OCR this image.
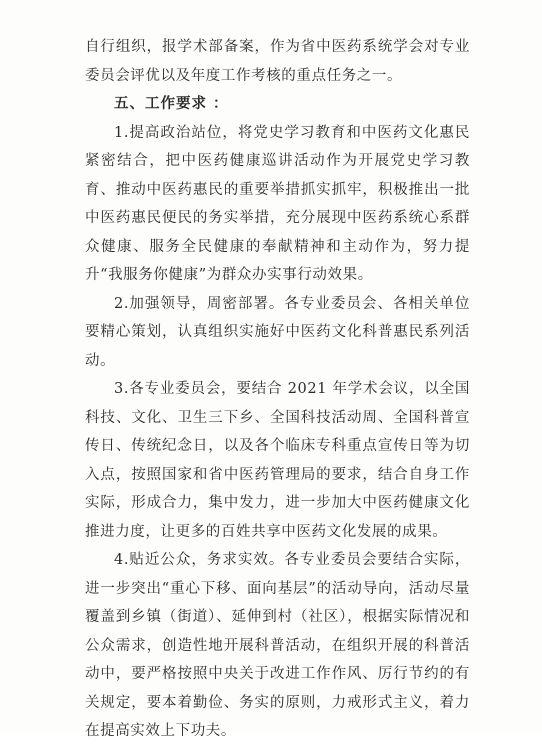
自行组织，报学术部备案，作为省中医药系统学会对专业委员会评优以及年度工作考核的重点任务之一。

五、工作要求 ：

1.提高政治站位，将党史学习教育和中医药文化惠民紧密结合，把中医药健康巡讲活动作为开展党史学习教育、推动中医药惠民的重要举措抓实抓牢，积极推出一批中医药惠民便民的务实举措，充分展现中医药系统心系群众健康、服务全民健康的奉献精神和主动作为，努力提升“我服务你健康”为群众办实事行动效果。

2.加强领导，周密部署。各专业委员会、各相关单位要精心策划，认真组织实施好中医药文化科普惠民系列活动。

3.各专业委员会，要结合 2021 年学术会议，以全国科技、文化、卫生三下乡、全国科技活动周、全国科普宣传日、传统纪念日，以及各个临床专科重点宣传日等为切入点，按照国家和省中医药管理局的要求，结合自身工作实际，形成合力，集中发力，进一步加大中医药健康文化推进力度，让更多的百姓共享中医药文化发展的成果。

4.贴近公众，务求实效。各专业委员会要结合实际，进一步突出“重心下移、面向基层”的活动导向，活动尽量覆盖到乡镇（街道）、延伸到村（社区），根据实际情况和公众需求，创造性地开展科普活动，在组织开展的科普活动中，要严格按照中央关于改进工作作风、厉行节约的有关规定，要本着勤俭、务实的原则，力戒形式主义，着力在提高实效上下功夫。
